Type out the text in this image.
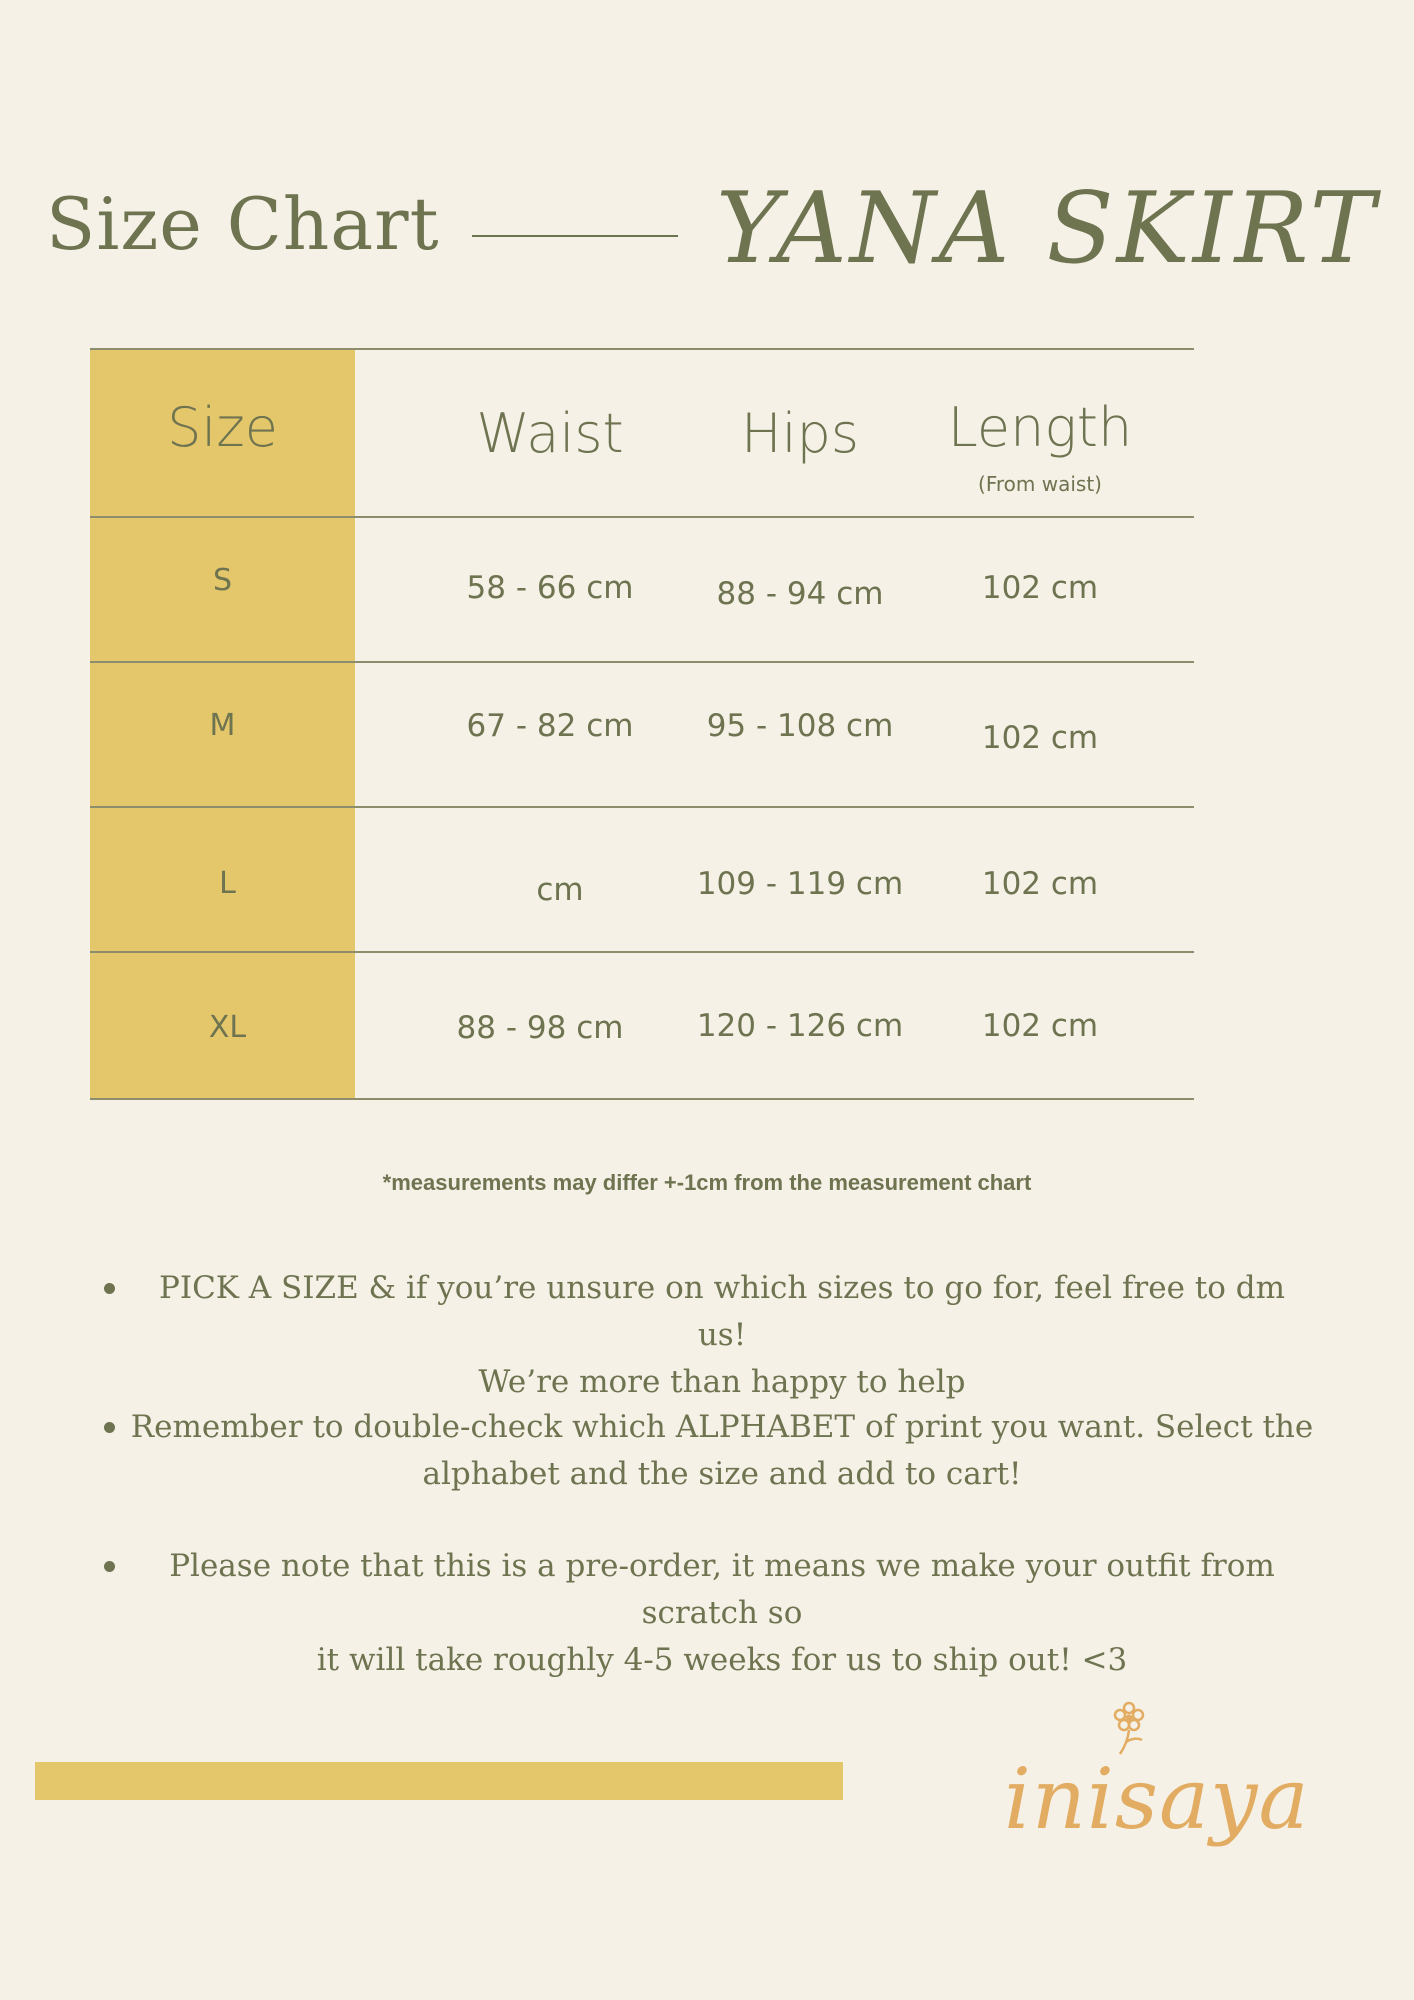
Size Chart	YANA SKIRT
Size	Waist	Hips	Length
(From waist)
S	58 - 66 cm	88 - 94 cm	102 cm
M	67 - 82 cm	95 - 108 cm	102 cm
L	cm	109 - 119 cm	102 cm
XL	88 - 98 cm	120 - 126 cm	102 cm
*measurements may differ +-1cm from the measurement chart
PICK A SIZE & if you’re unsure on which sizes to go for, feel free to dm us!
We’re more than happy to help
Remember to double-check which ALPHABET of print you want. Select the
alphabet and the size and add to cart!
Please note that this is a pre-order, it means we make your outfit from scratch so
it will take roughly 4-5 weeks for us to ship out! <3
inisaya
